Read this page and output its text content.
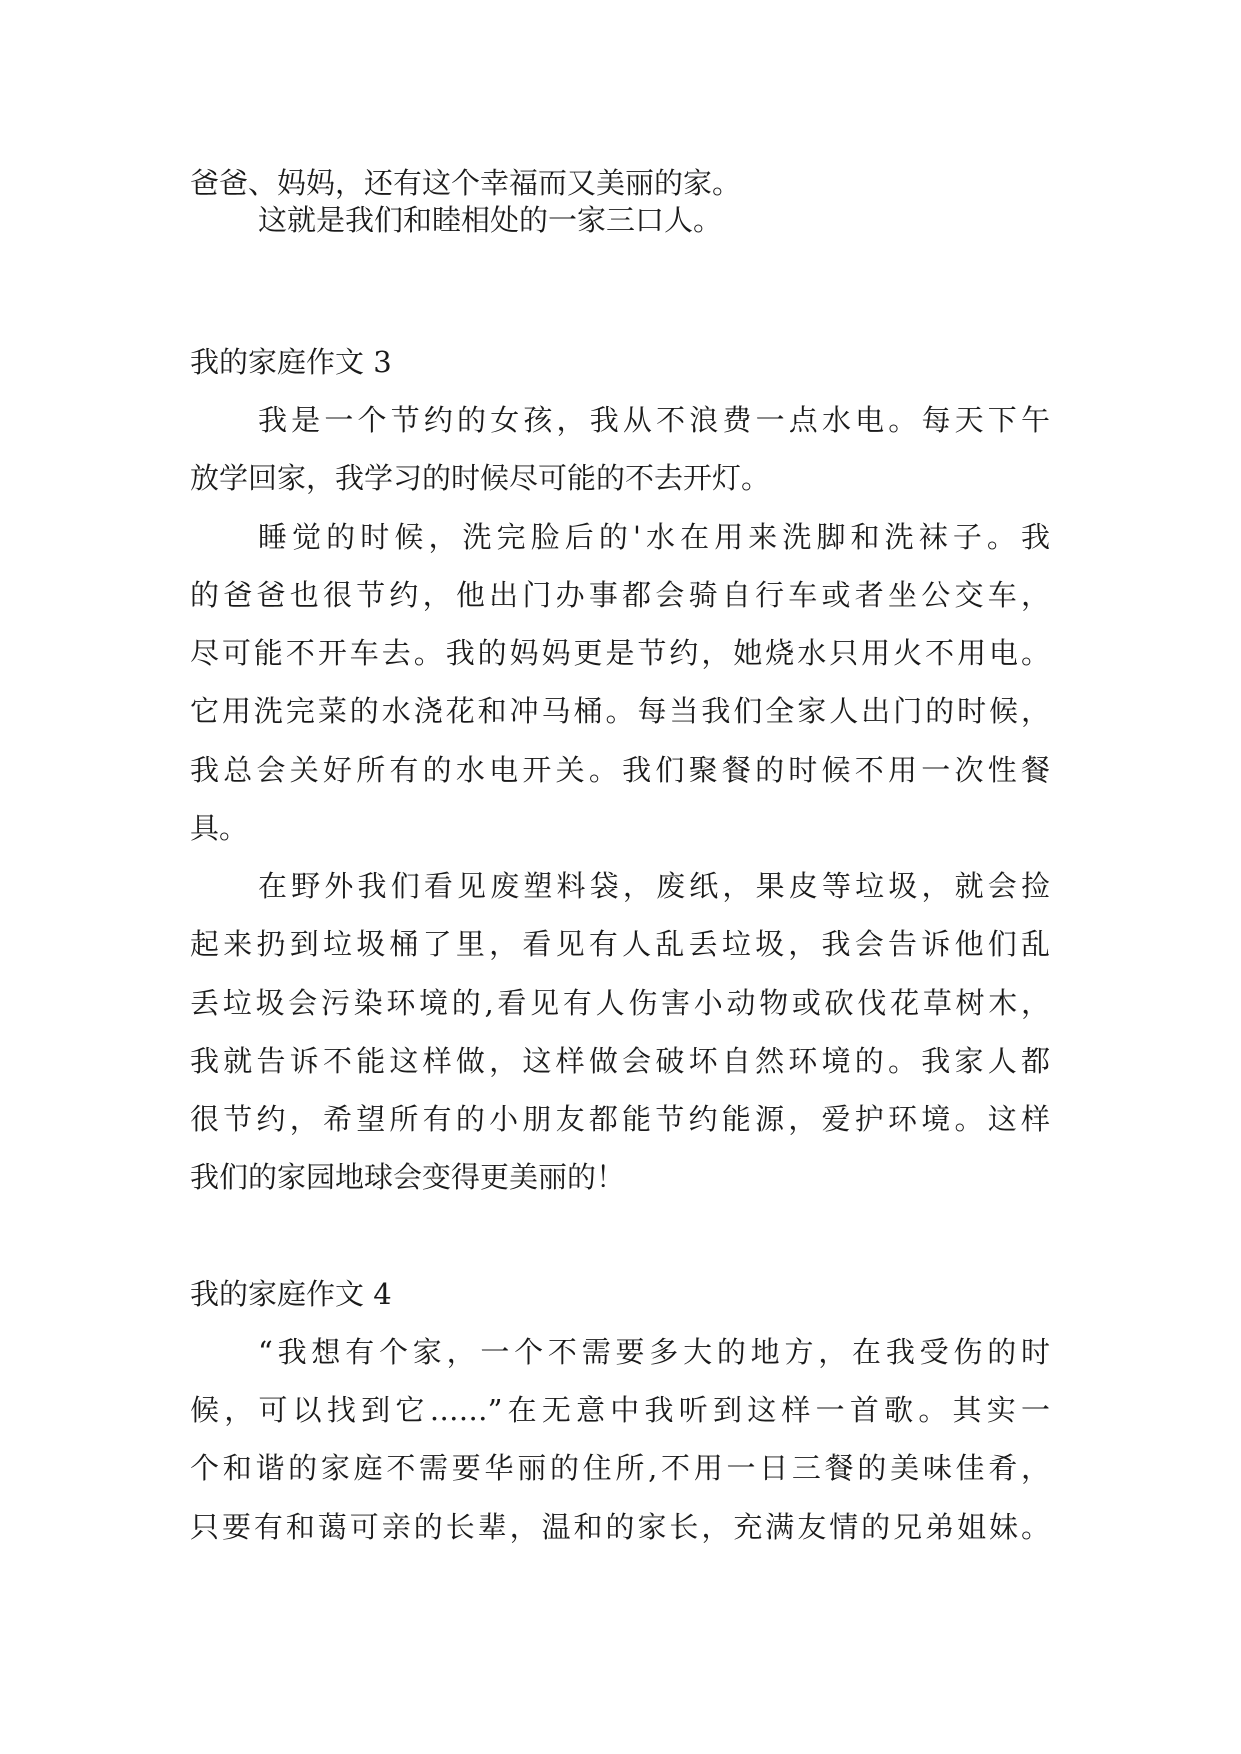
爸爸、妈妈，还有这个幸福而又美丽的家。
这就是我们和睦相处的一家三口人。
我的家庭作文 3
我是一个节约的女孩，我从不浪费一点水电。每天下午
放学回家，我学习的时候尽可能的不去开灯。
睡觉的时候，洗完脸后的'水在用来洗脚和洗袜子。我
的爸爸也很节约，他出门办事都会骑自行车或者坐公交车，
尽可能不开车去。我的妈妈更是节约，她烧水只用火不用电。
它用洗完菜的水浇花和冲马桶。每当我们全家人出门的时候，
我总会关好所有的水电开关。我们聚餐的时候不用一次性餐
具。
在野外我们看见废塑料袋，废纸，果皮等垃圾，就会捡
起来扔到垃圾桶了里，看见有人乱丢垃圾，我会告诉他们乱
丢垃圾会污染环境的,看见有人伤害小动物或砍伐花草树木，
我就告诉不能这样做，这样做会破坏自然环境的。我家人都
很节约，希望所有的小朋友都能节约能源，爱护环境。这样
我们的家园地球会变得更美丽的！
我的家庭作文 4
“我想有个家，一个不需要多大的地方，在我受伤的时
候，可以找到它……”在无意中我听到这样一首歌。其实一
个和谐的家庭不需要华丽的住所,不用一日三餐的美味佳肴，
只要有和蔼可亲的长辈，温和的家长，充满友情的兄弟姐妹。
